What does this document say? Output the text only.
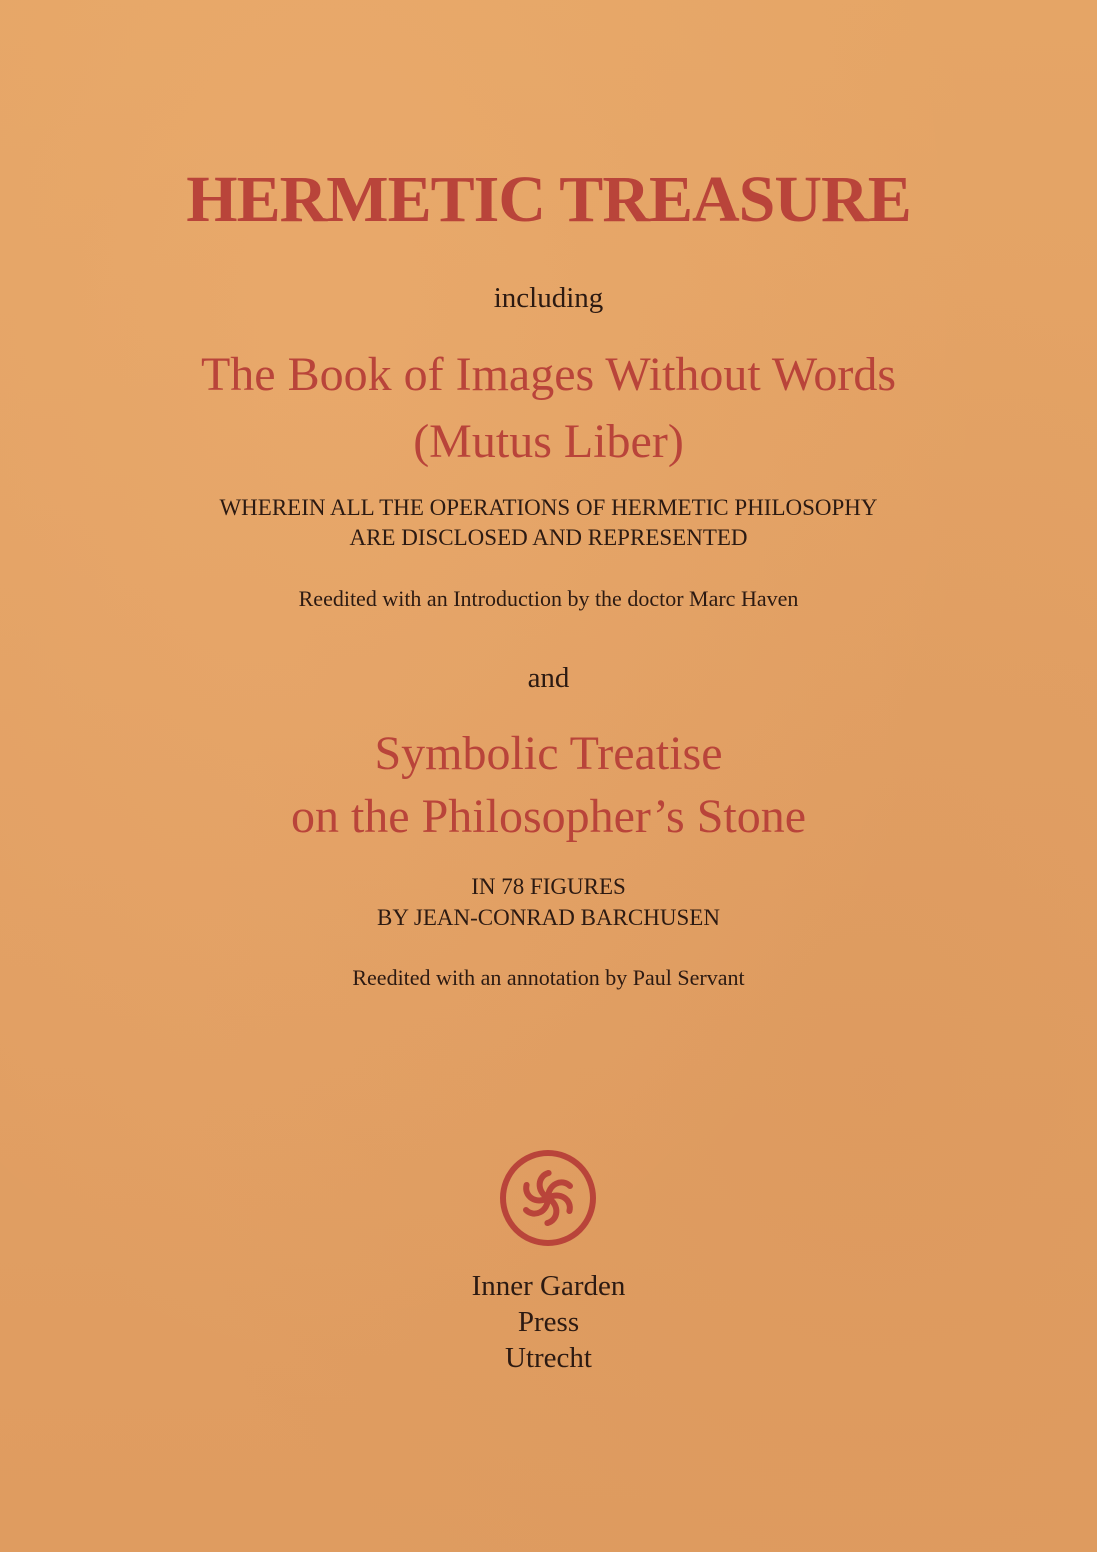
HERMETIC TREASURE

including

The Book of Images Without Words

(Mutus Liber)

WHEREIN ALL THE OPERATIONS OF HERMETIC PHILOSOPHY

ARE DISCLOSED AND REPRESENTED

Reedited with an Introduction by the doctor Marc Haven

and

Symbolic Treatise

on the Philosopher’s Stone

IN 78 FIGURES

BY JEAN-CONRAD BARCHUSEN

Reedited with an annotation by Paul Servant

Inner Garden

Press

Utrecht
